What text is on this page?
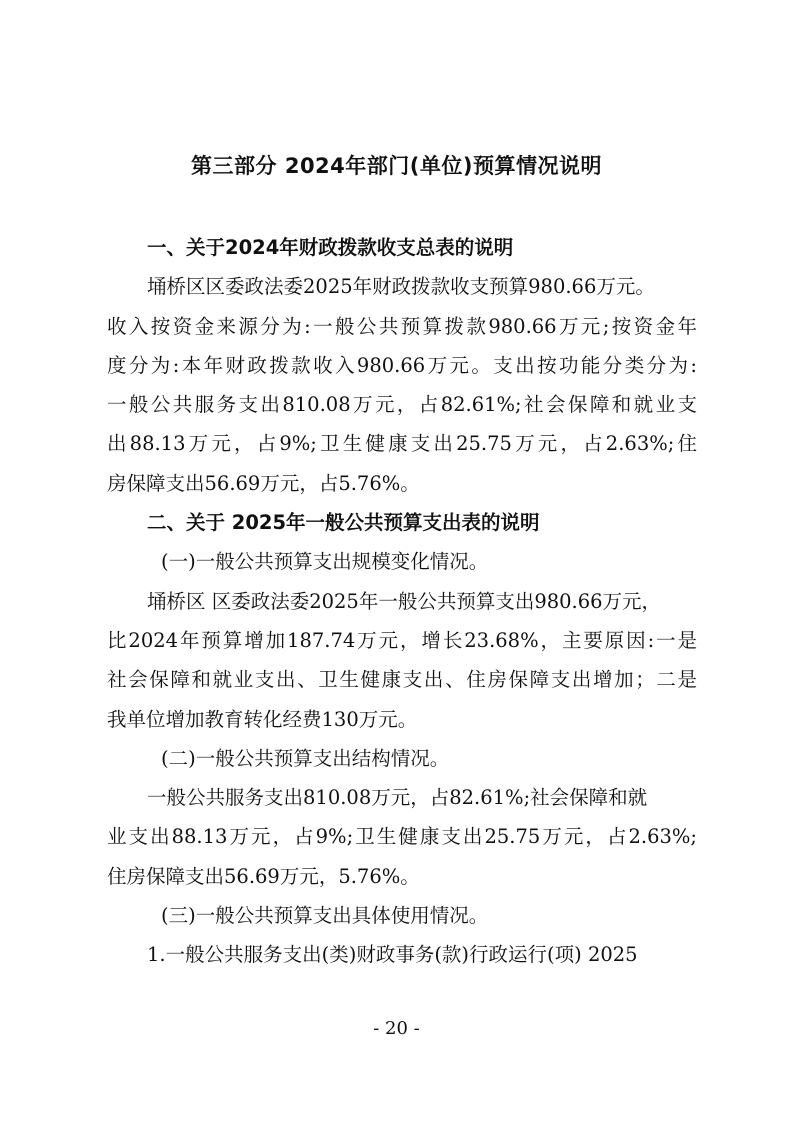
第三部分 2024年部门(单位)预算情况说明
一、关于2024年财政拨款收支总表的说明
埇桥区区委政法委2025年财政拨款收支预算980.66万元。
收入按资金来源分为:一般公共预算拨款980.66万元;按资金年
度分为:本年财政拨款收入980.66万元。支出按功能分类分为:
一般公共服务支出810.08万元，占82.61%;社会保障和就业支
出88.13万元，占9%;卫生健康支出25.75万元，占2.63%;住
房保障支出56.69万元，占5.76%。
二、关于 2025年一般公共预算支出表的说明
(一)一般公共预算支出规模变化情况。
埇桥区 区委政法委2025年一般公共预算支出980.66万元，
比2024年预算增加187.74万元，增长23.68%，主要原因:一是
社会保障和就业支出、卫生健康支出、住房保障支出增加；二是
我单位增加教育转化经费130万元。
(二)一般公共预算支出结构情况。
一般公共服务支出810.08万元，占82.61%;社会保障和就
业支出88.13万元，占9%;卫生健康支出25.75万元，占2.63%;
住房保障支出56.69万元，5.76%。
(三)一般公共预算支出具体使用情况。
1.一般公共服务支出(类)财政事务(款)行政运行(项) 2025
- 20 -
